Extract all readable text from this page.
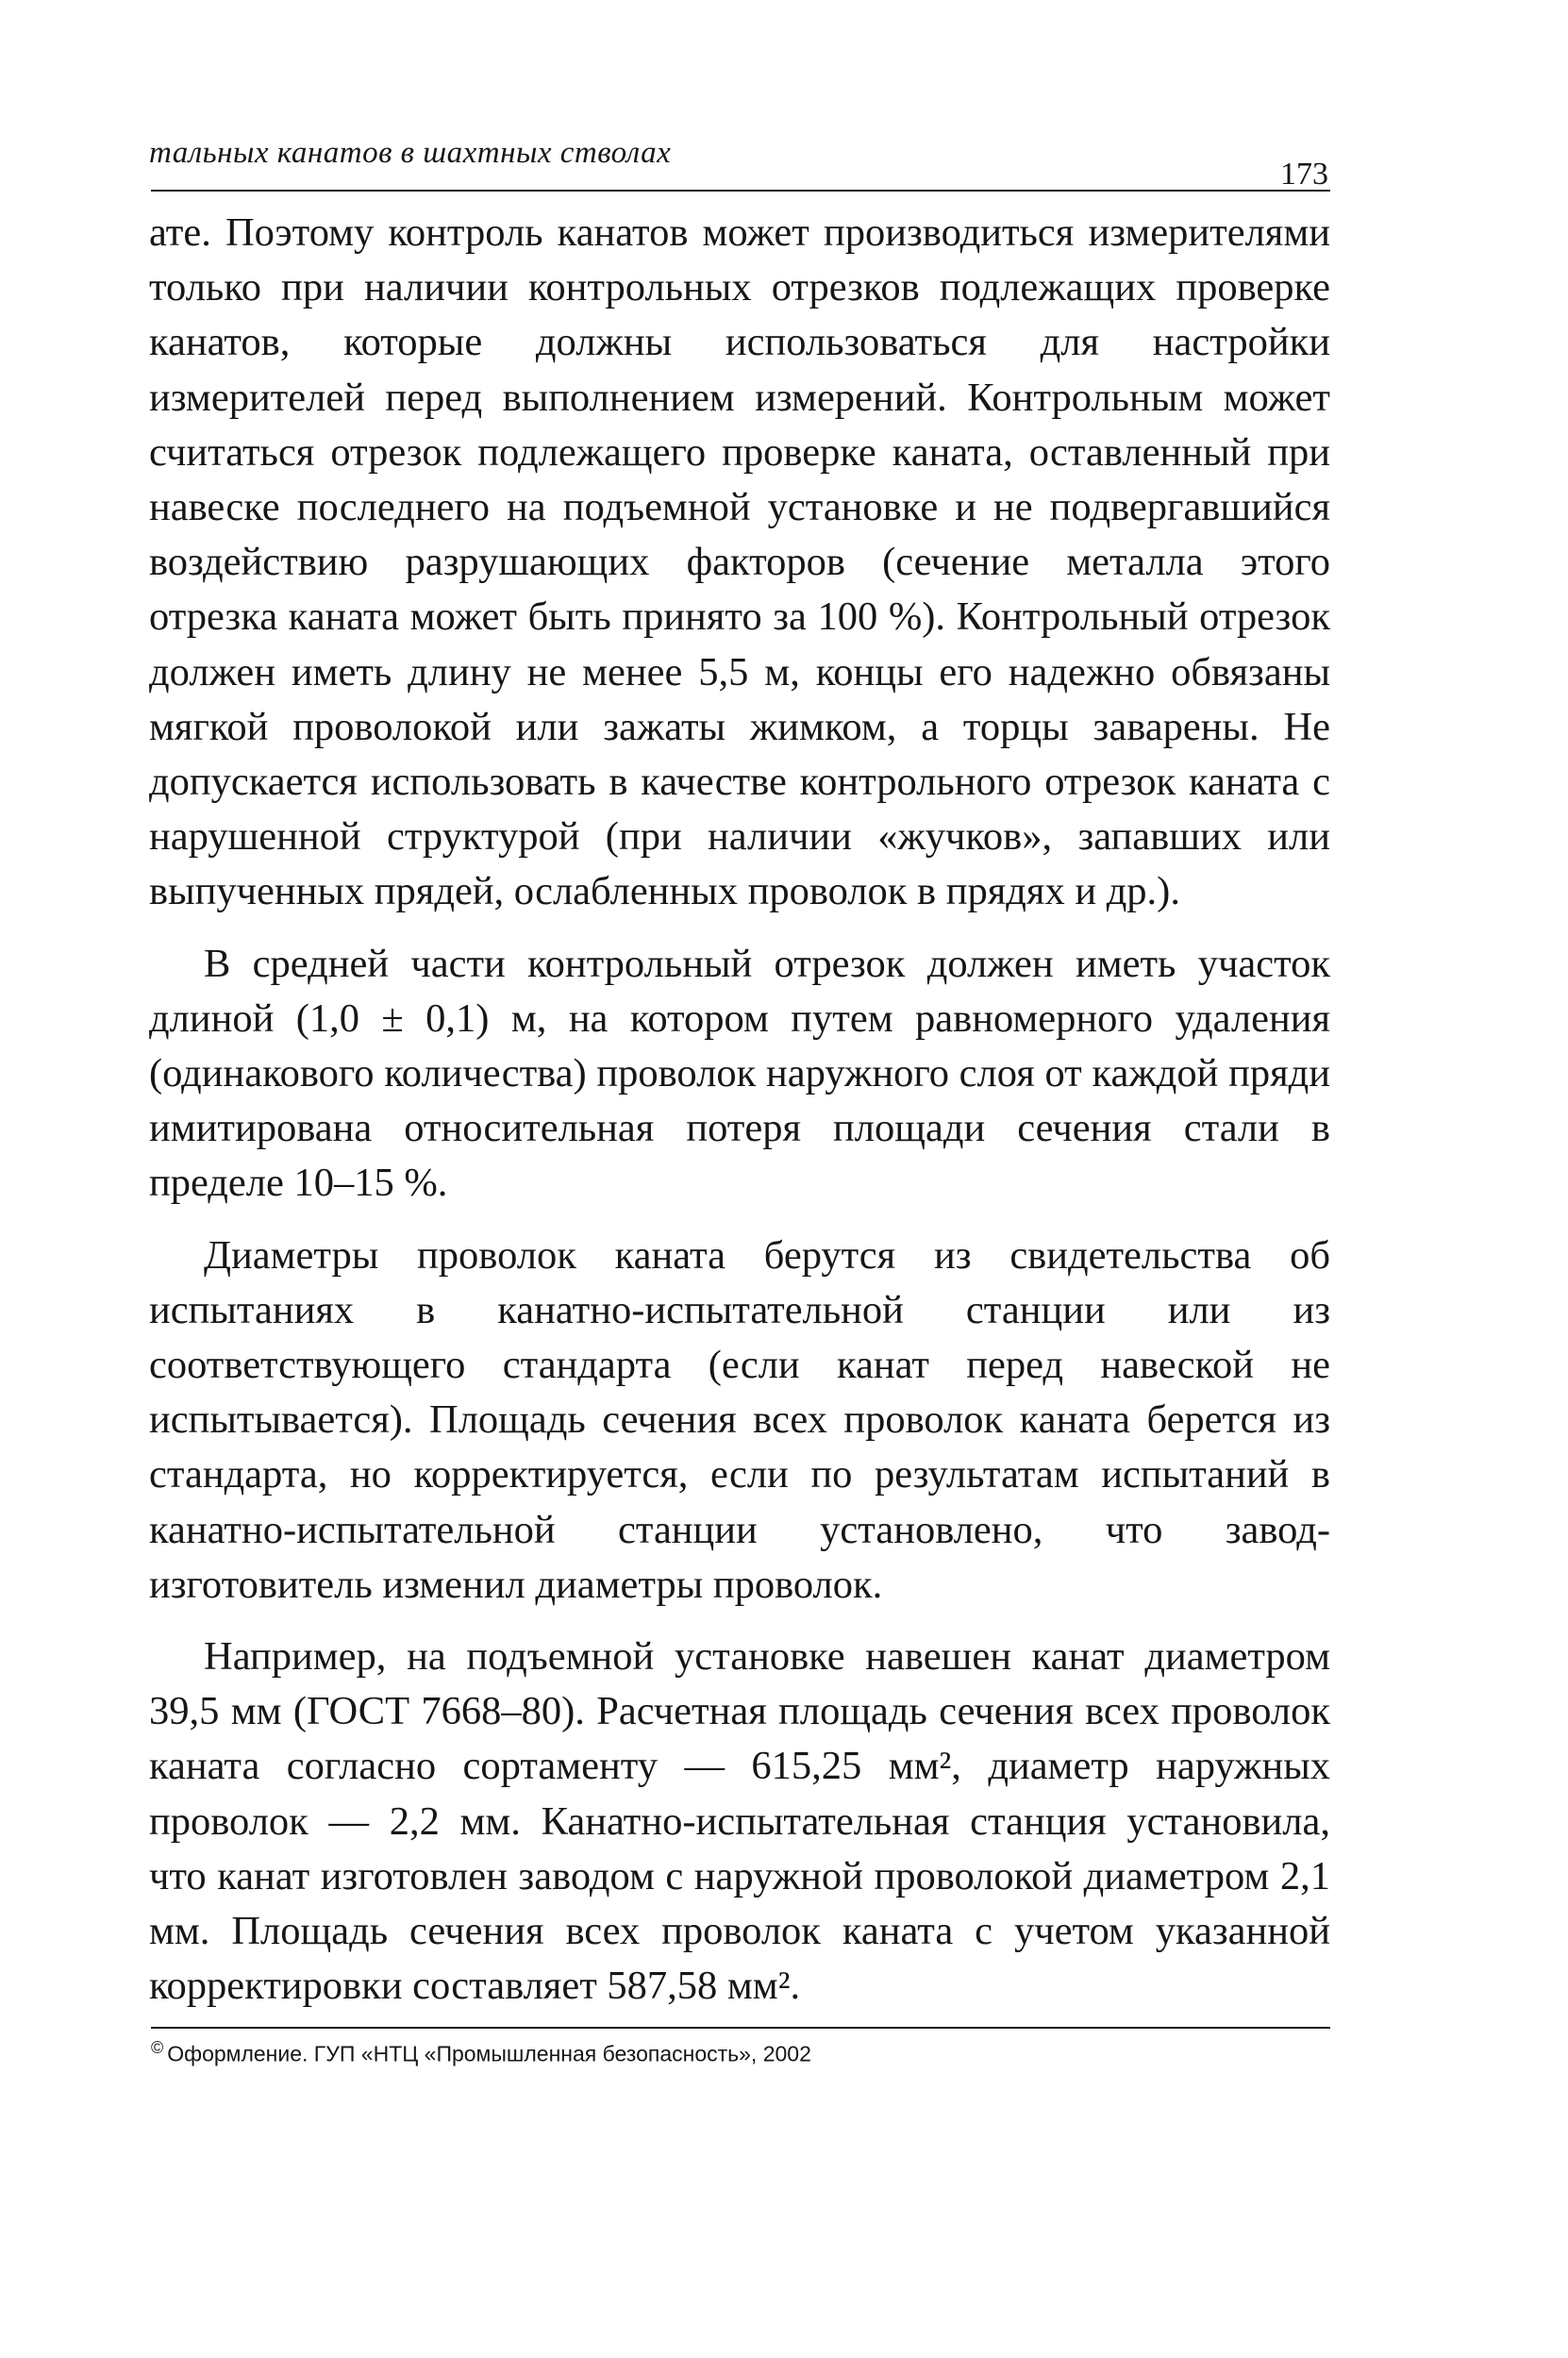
тальных канатов в шахтных стволах
173

ате. Поэтому контроль канатов может производиться измерителями только при наличии контрольных отрезков подлежащих проверке канатов, которые должны использоваться для настройки измерителей перед выполнением измерений. Контрольным может считаться отрезок подлежащего проверке каната, оставленный при навеске последнего на подъемной установке и не подвергавшийся воздействию разрушающих факторов (сечение металла этого отрезка каната может быть принято за 100 %). Контрольный отрезок должен иметь длину не менее 5,5 м, концы его надежно обвязаны мягкой проволокой или зажаты жимком, а торцы заварены. Не допускается использовать в качестве контрольного отрезок каната с нарушенной структурой (при наличии «жучков», запавших или выпученных прядей, ослабленных проволок в прядях и др.).

В средней части контрольный отрезок должен иметь участок длиной (1,0 ± 0,1) м, на котором путем равномерного удаления (одинакового количества) проволок наружного слоя от каждой пряди имитирована относительная потеря площади сечения стали в пределе 10–15 %.

Диаметры проволок каната берутся из свидетельства об испытаниях в канатно-испытательной станции или из соответствующего стандарта (если канат перед навеской не испытывается). Площадь сечения всех проволок каната берется из стандарта, но корректируется, если по результатам испытаний в канатно-испытательной станции установлено, что завод-изготовитель изменил диаметры проволок.

Например, на подъемной установке навешен канат диаметром 39,5 мм (ГОСТ 7668–80). Расчетная площадь сечения всех проволок каната согласно сортаменту — 615,25 мм², диаметр наружных проволок — 2,2 мм. Канатно-испытательная станция установила, что канат изготовлен заводом с наружной проволокой диаметром 2,1 мм. Площадь сечения всех проволок каната с учетом указанной корректировки составляет 587,58 мм².

© Оформление. ГУП «НТЦ «Промышленная безопасность», 2002
